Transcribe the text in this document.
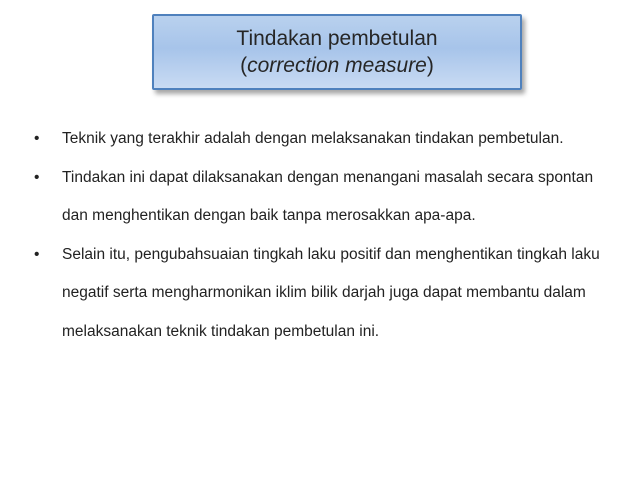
Tindakan pembetulan
(correction measure)
• Teknik yang terakhir adalah dengan melaksanakan tindakan pembetulan.
• Tindakan ini dapat dilaksanakan dengan menangani masalah secara spontan dan menghentikan dengan baik tanpa merosakkan apa-apa.
• Selain itu, pengubahsuaian tingkah laku positif dan menghentikan tingkah laku negatif serta mengharmonikan iklim bilik darjah juga dapat membantu dalam melaksanakan teknik tindakan pembetulan ini.
